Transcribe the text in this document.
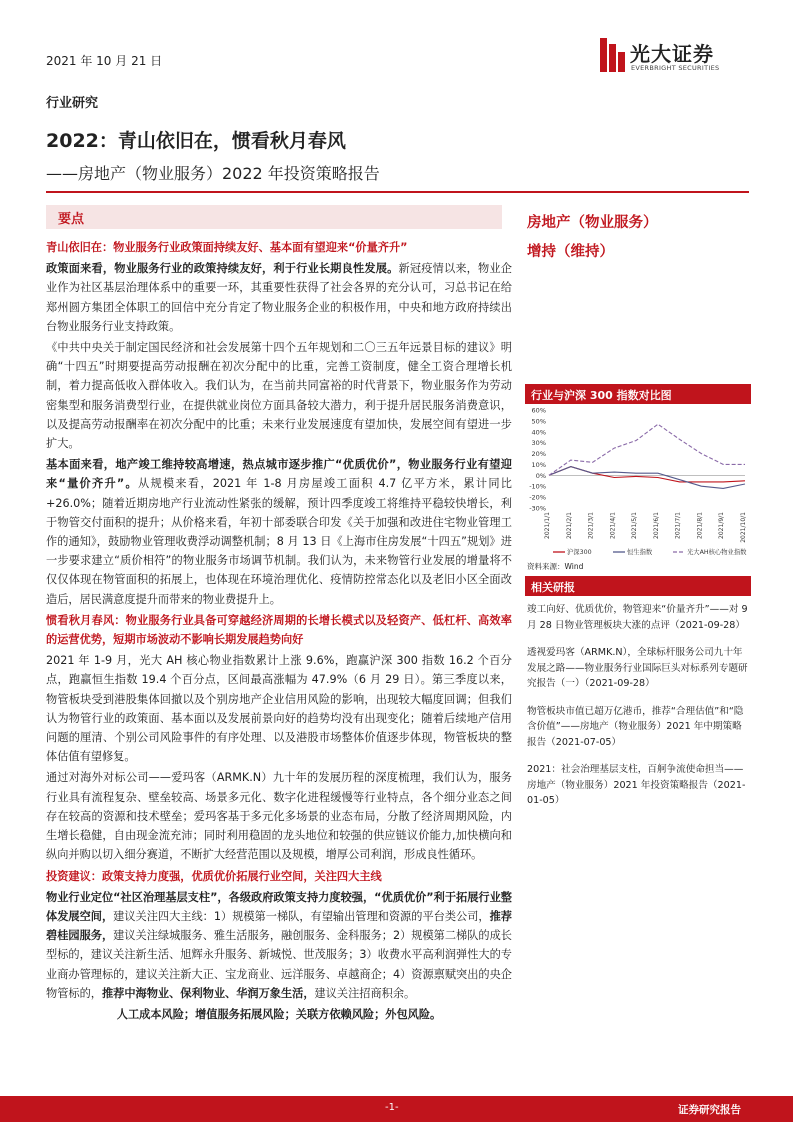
2021 年 10 月 21 日	光大证券
EVERBRIGHT SECURITIES
行业研究
2022：青山依旧在，惯看秋月春风
——房地产（物业服务）2022 年投资策略报告
要点

青山依旧在：物业服务行业政策面持续友好、基本面有望迎来“价量齐升”

政策面来看，物业服务行业的政策持续友好，利于行业长期良性发展。新冠疫情以来，物业企业作为社区基层治理体系中的重要一环，其重要性获得了社会各界的充分认可，习总书记在给郑州圆方集团全体职工的回信中充分肯定了物业服务企业的积极作用，中央和地方政府持续出台物业服务行业支持政策。

《中共中央关于制定国民经济和社会发展第十四个五年规划和二〇三五年远景目标的建议》明确“十四五”时期要提高劳动报酬在初次分配中的比重，完善工资制度，健全工资合理增长机制，着力提高低收入群体收入。我们认为，在当前共同富裕的时代背景下，物业服务作为劳动密集型和服务消费型行业，在提供就业岗位方面具备较大潜力，利于提升居民服务消费意识，以及提高劳动报酬率在初次分配中的比重；未来行业发展速度有望加快，发展空间有望进一步扩大。

基本面来看，地产竣工维持较高增速，热点城市逐步推广“优质优价”，物业服务行业有望迎来“量价齐升”。从规模来看，2021 年 1-8 月房屋竣工面积 4.7 亿平方米，累计同比+26.0%；随着近期房地产行业流动性紧张的缓解，预计四季度竣工将维持平稳较快增长，利于物管交付面积的提升；从价格来看，年初十部委联合印发《关于加强和改进住宅物业管理工作的通知》，鼓励物业管理收费浮动调整机制；8 月 13 日《上海市住房发展“十四五”规划》进一步要求建立“质价相符”的物业服务市场调节机制。我们认为，未来物管行业发展的增量将不仅仅体现在物管面积的拓展上，也体现在环境治理优化、疫情防控常态化以及老旧小区全面改造后，居民满意度提升而带来的物业费提升上。

惯看秋月春风：物业服务行业具备可穿越经济周期的长增长模式以及轻资产、低杠杆、高效率的运营优势，短期市场波动不影响长期发展趋势向好

2021 年 1-9 月，光大 AH 核心物业指数累计上涨 9.6%，跑赢沪深 300 指数 16.2 个百分点，跑赢恒生指数 19.4 个百分点，区间最高涨幅为 47.9%（6 月 29 日）。第三季度以来，物管板块受到港股集体回撤以及个别房地产企业信用风险的影响，出现较大幅度回调；但我们认为物管行业的政策面、基本面以及发展前景向好的趋势均没有出现变化；随着后续地产信用问题的厘清、个别公司风险事件的有序处理、以及港股市场整体价值逐步体现，物管板块的整体估值有望修复。

通过对海外对标公司——爱玛客（ARMK.N）九十年的发展历程的深度梳理，我们认为，服务行业具有流程复杂、壁垒较高、场景多元化、数字化进程缓慢等行业特点，各个细分业态之间存在较高的资源和技术壁垒；爱玛客基于多元化多场景的业态布局，分散了经济周期风险，内生增长稳健，自由现金流充沛；同时利用稳固的龙头地位和较强的供应链议价能力,加快横向和纵向并购以切入细分赛道，不断扩大经营范围以及规模，增厚公司利润，形成良性循环。

投资建议：政策支持力度强，优质优价拓展行业空间，关注四大主线

物业行业定位“社区治理基层支柱”，各级政府政策支持力度较强，“优质优价”利于拓展行业整体发展空间，建议关注四大主线：1）规模第一梯队，有望输出管理和资源的平台类公司，推荐碧桂园服务，建议关注绿城服务、雅生活服务，融创服务、金科服务；2）规模第二梯队的成长型标的，建议关注新生活、旭辉永升服务、新城悦、世茂服务；3）收费水平高利润弹性大的专业商办管理标的，建议关注新大正、宝龙商业、远洋服务、卓越商企；4）资源禀赋突出的央企物管标的，推荐中海物业、保利物业、华润万象生活，建议关注招商积余。

人工成本风险；增值服务拓展风险；关联方依赖风险；外包风险。

房地产（物业服务）
增持（维持）
行业与沪深 300 指数对比图
60%
50%
40%
30%
20%
10%
0%
-10%
-20%
-30%
2021/1/1 2021/2/1 2021/3/1 2021/4/1 2021/5/1 2021/6/1 2021/7/1 2021/8/1 2021/9/1 2021/10/1
沪深300	恒生指数	光大AH核心物业指数
资料来源：Wind
相关研报
竣工向好、优质优价，物管迎来“价量齐升”——对 9 月 28 日物业管理板块大涨的点评（2021-09-28）
透视爱玛客（ARMK.N），全球标杆服务公司九十年发展之路——物业服务行业国际巨头对标系列专题研究报告（一）（2021-09-28）
物管板块市值已超万亿港币，推荐“合理估值”和“隐含价值”——房地产（物业服务）2021 年中期策略报告（2021-07-05）
2021：社会治理基层支柱，百舸争流使命担当——房地产（物业服务）2021 年投资策略报告（2021-01-05）
-1-	证券研究报告
